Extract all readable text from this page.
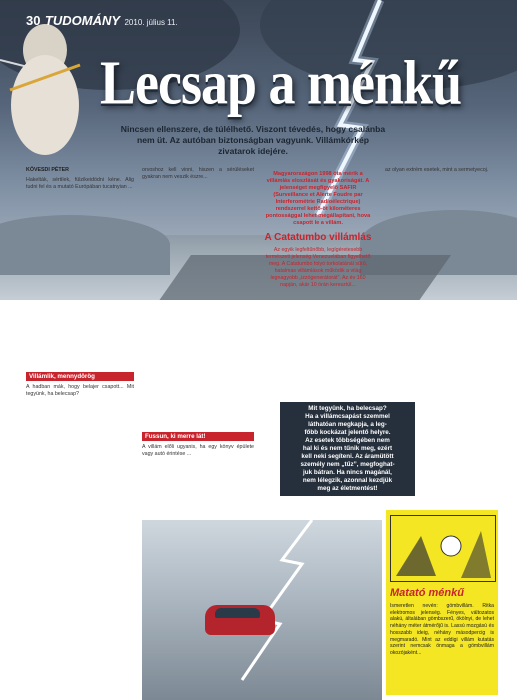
30 TUDOMÁNY 2010. július 11.
Lecsap a ménkű
Nincsen ellenszere, de túlélhető. Viszont tévedés, hogy csalánba nem üt. Az autóban biztonságban vagyunk. Villámkórkép zivatarok idejére.
KÖVESDI PÉTER
Hakelták, sértilek, fülzikeidödni kéne. Alig tudni fel és a mutató Európában tucatnyian ...
Villámlik, mennydörög
A hadban mák, hogy belajer csapott... Mit tegyünk, ha belecsap?
orvoshoz kell vinni, hiszen a sérüléseket gyakran nem veszik észre...
Fussun, ki merre lát!
A villám előli ugyanis, ha egy könyv épülete vagy autó érintése ...
Magyarországon 1998 óta mérik a villámlás eloszlását és gyakoriságát. A jelenséget megfigyelő SAFIR (Surveillance et Alerte Foudre par Interferométrie Radioélectrique) rendszerrel kettő-öt kilométeres pontossággal lehet megállapítani, hova csapott le a villám.
A Catatumbo villámlás
Az egyik legfeltűnőbb, legígéretesebb természeti jelenség Venezuelában figyelhető meg. A Catatumbo folyó torkolatánál sűrű, hatalmas villámlások működik a világ legnagyobb „izzógenerátorát”. Az év 160 napján, akár 10 órán keresztül...
az olyan extrém esetek, mint a sermetyecoj.
Mit tegyünk, ha belecsap?
Ha a villámcsapást szemmel
láthatóan megkapja, a leg-
főbb kockázat jelentő helyre.
Az esetek többségében nem
hal ki és nem tűnik meg, ezért
kell neki segíteni. Az áramütött
személy nem „tűz”, megfoghat-
juk bátran. Ha nincs magánál,
nem lélegzik, azonnal kezdjük
meg az életmentést!
Matató ménkű
Ismeretlen nevén: gömbvillám. Ritka elektromos jelenség. Fényes, változatos alakú, általában gömbszerű, ökölnyi, de lehet néhány méter átmérőjű is. Lassú mozgású és hosszabb ideig, néhány másodpercig is megmaradó. Mint az eddigi villám kutatás szerint nemcsak önmaga a gömbvillám okozójaként...
